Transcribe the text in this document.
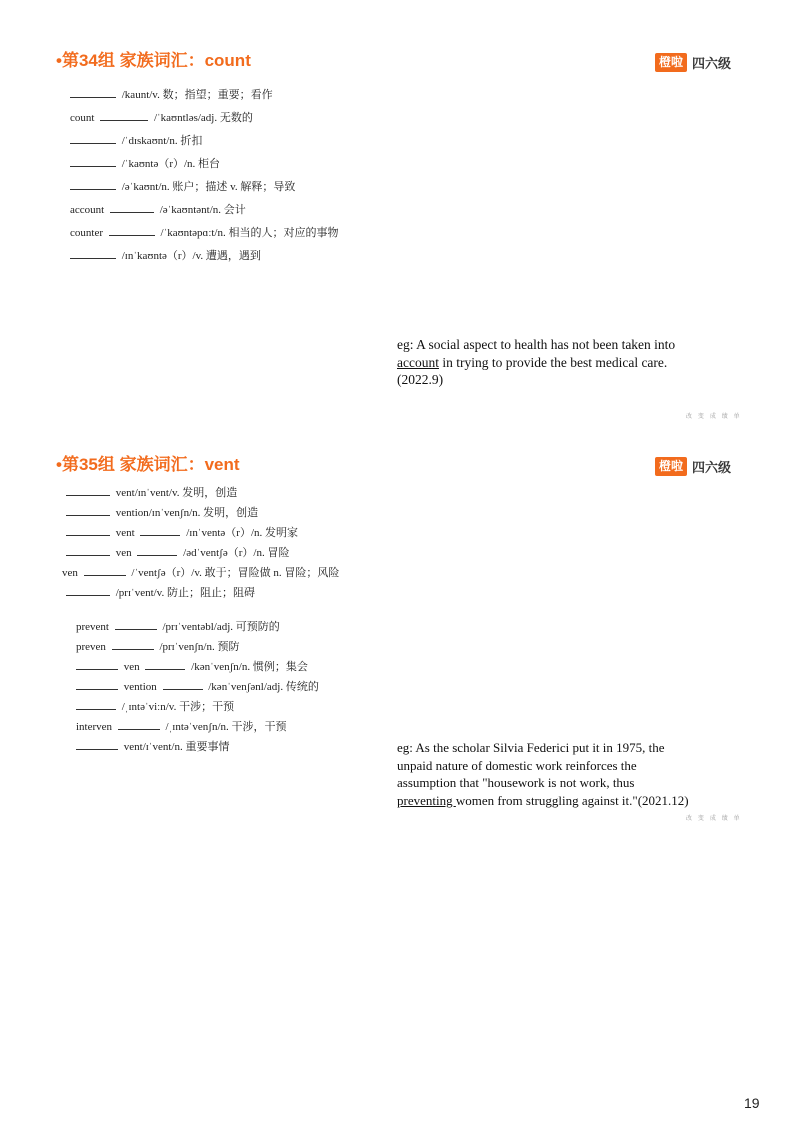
•第34组 家族词汇：count	橙啦 四六级
/kaunt/v. 数；指望；重要；看作
count	/ˈkaʊntləs/adj. 无数的
/ˈdɪskaʊnt/n. 折扣
/ˈkaʊntə（r）/n. 柜台
/əˈkaʊnt/n. 账户；描述 v. 解释；导致
account	/əˈkaʊntənt/n. 会计
counter	/ˈkaʊntəpɑːt/n. 相当的人；对应的事物
/ɪnˈkaʊntə（r）/v. 遭遇，遇到
eg: A social aspect to health has not been taken into
account in trying to provide the best medical care.
(2022.9)
改 变 成 绩 单
•第35组 家族词汇：vent	橙啦 四六级
vent/ɪnˈvent/v. 发明，创造
vention/ɪnˈvenʃn/n. 发明，创造
vent	/ɪnˈventə（r）/n. 发明家
ven	/ədˈventʃə（r）/n. 冒险
ven	/ˈventʃə（r）/v. 敢于；冒险做 n. 冒险；风险
/prɪˈvent/v. 防止；阻止；阻碍
prevent	/prɪˈventəbl/adj. 可预防的
preven	/prɪˈvenʃn/n. 预防
ven	/kənˈvenʃn/n. 惯例；集会
vention	/kənˈvenʃənl/adj. 传统的
/ˌɪntəˈviːn/v. 干涉；干预
interven	/ˌɪntəˈvenʃn/n. 干涉，干预
vent/ɪˈvent/n. 重要事情	eg: As the scholar Silvia Federici put it in 1975, the
unpaid nature of domestic work reinforces the
assumption that "housework is not work, thus
preventing women from struggling against it."(2021.12)
改 变 成 绩 单
19
